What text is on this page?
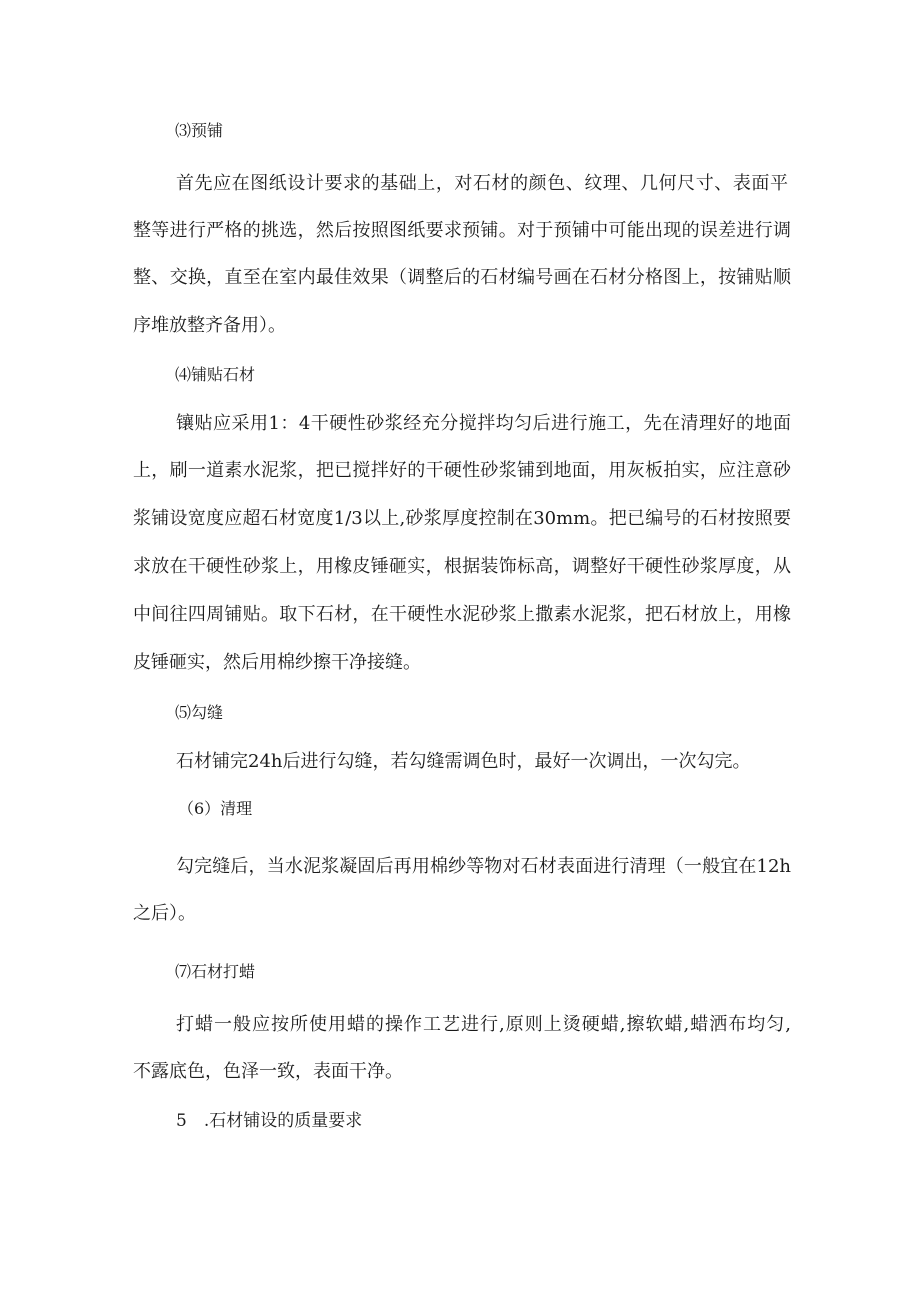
⑶预铺
首先应在图纸设计要求的基础上，对石材的颜色、纹理、几何尺寸、表面平
整等进行严格的挑选，然后按照图纸要求预铺。对于预铺中可能出现的误差进行调
整、交换，直至在室内最佳效果（调整后的石材编号画在石材分格图上，按铺贴顺
序堆放整齐备用）。
⑷铺贴石材
镶贴应采用1：4干硬性砂浆经充分搅拌均匀后进行施工，先在清理好的地面
上，刷一道素水泥浆，把已搅拌好的干硬性砂浆铺到地面，用灰板拍实，应注意砂
浆铺设宽度应超石材宽度1/3以上,砂浆厚度控制在30mm。把已编号的石材按照要
求放在干硬性砂浆上，用橡皮锤砸实，根据装饰标高，调整好干硬性砂浆厚度，从
中间往四周铺贴。取下石材，在干硬性水泥砂浆上撒素水泥浆，把石材放上，用橡
皮锤砸实，然后用棉纱擦干净接缝。
⑸勾缝
石材铺完24h后进行勾缝，若勾缝需调色时，最好一次调出，一次勾完。
（6）清理
勾完缝后，当水泥浆凝固后再用棉纱等物对石材表面进行清理（一般宜在12h
之后）。
⑺石材打蜡
打蜡一般应按所使用蜡的操作工艺进行,原则上烫硬蜡,擦软蜡,蜡洒布均匀,
不露底色，色泽一致，表面干净。
5　.石材铺设的质量要求
